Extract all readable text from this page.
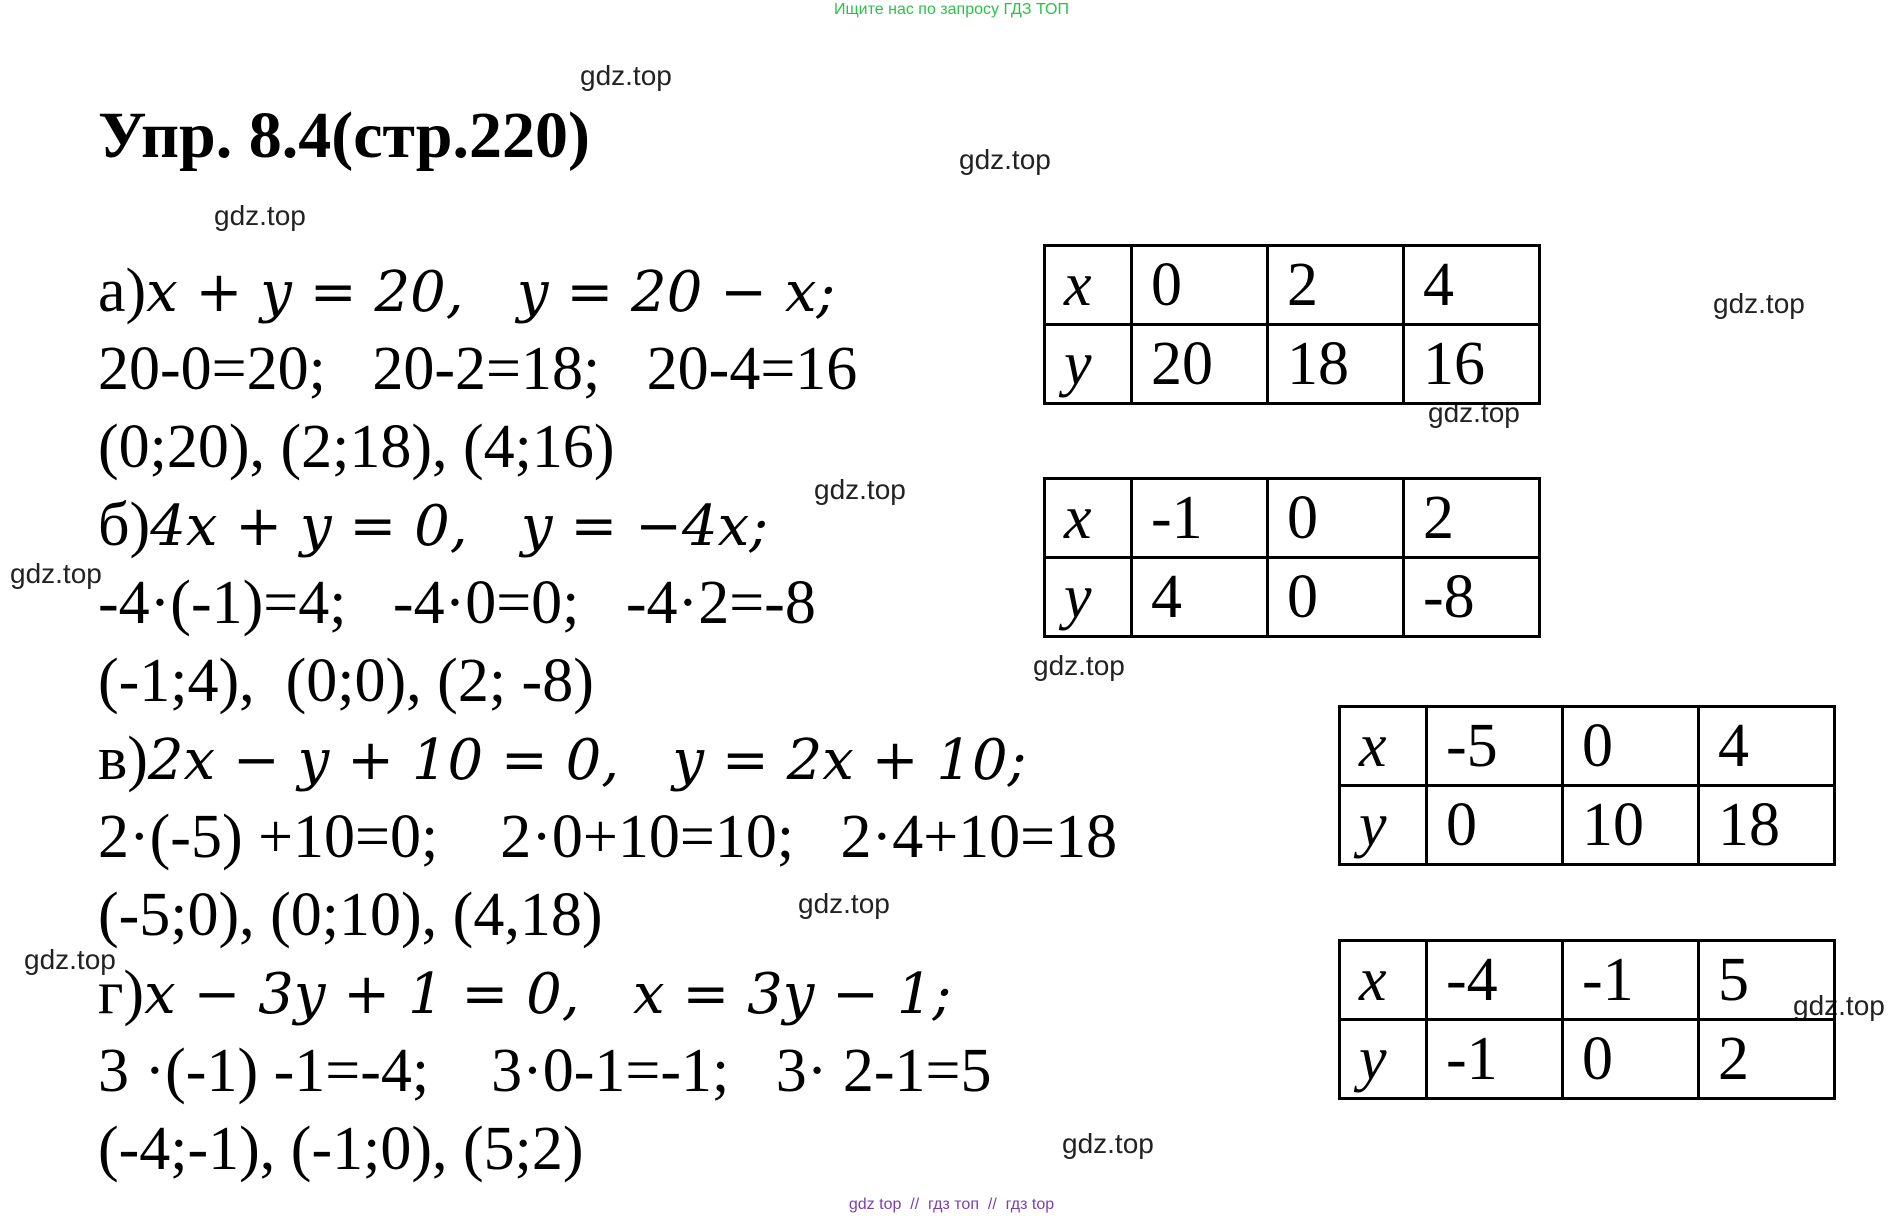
Ищите нас по запросу ГДЗ ТОП
gdz.top
gdz.top
gdz.top
gdz.top
gdz.top
gdz.top
gdz.top
gdz.top
gdz.top
gdz.top
gdz.top
gdz.top
Упр. 8.4(стр.220)
а)x + y = 20,   y = 20 − x;
20-0=20;   20-2=18;   20-4=16
(0;20), (2;18), (4;16)
б)4x + y = 0,   y = −4x;
-4·(-1)=4;   -4·0=0;   -4·2=-8
(-1;4),  (0;0), (2; -8)
в)2x − y + 10 = 0,   y = 2x + 10;
2·(-5) +10=0;    2·0+10=10;   2·4+10=18
(-5;0), (0;10), (4,18)
г)x − 3y + 1 = 0,   x = 3y − 1;
3 ·(-1) -1=-4;    3·0-1=-1;   3· 2-1=5
(-4;-1), (-1;0), (5;2)
x	0	2	4
y	20	18	16
x	-1	0	2
y	4	0	-8
x	-5	0	4
y	0	10	18
x	-4	-1	5
y	-1	0	2
gdz top  //  гдз топ  //  гдз top
